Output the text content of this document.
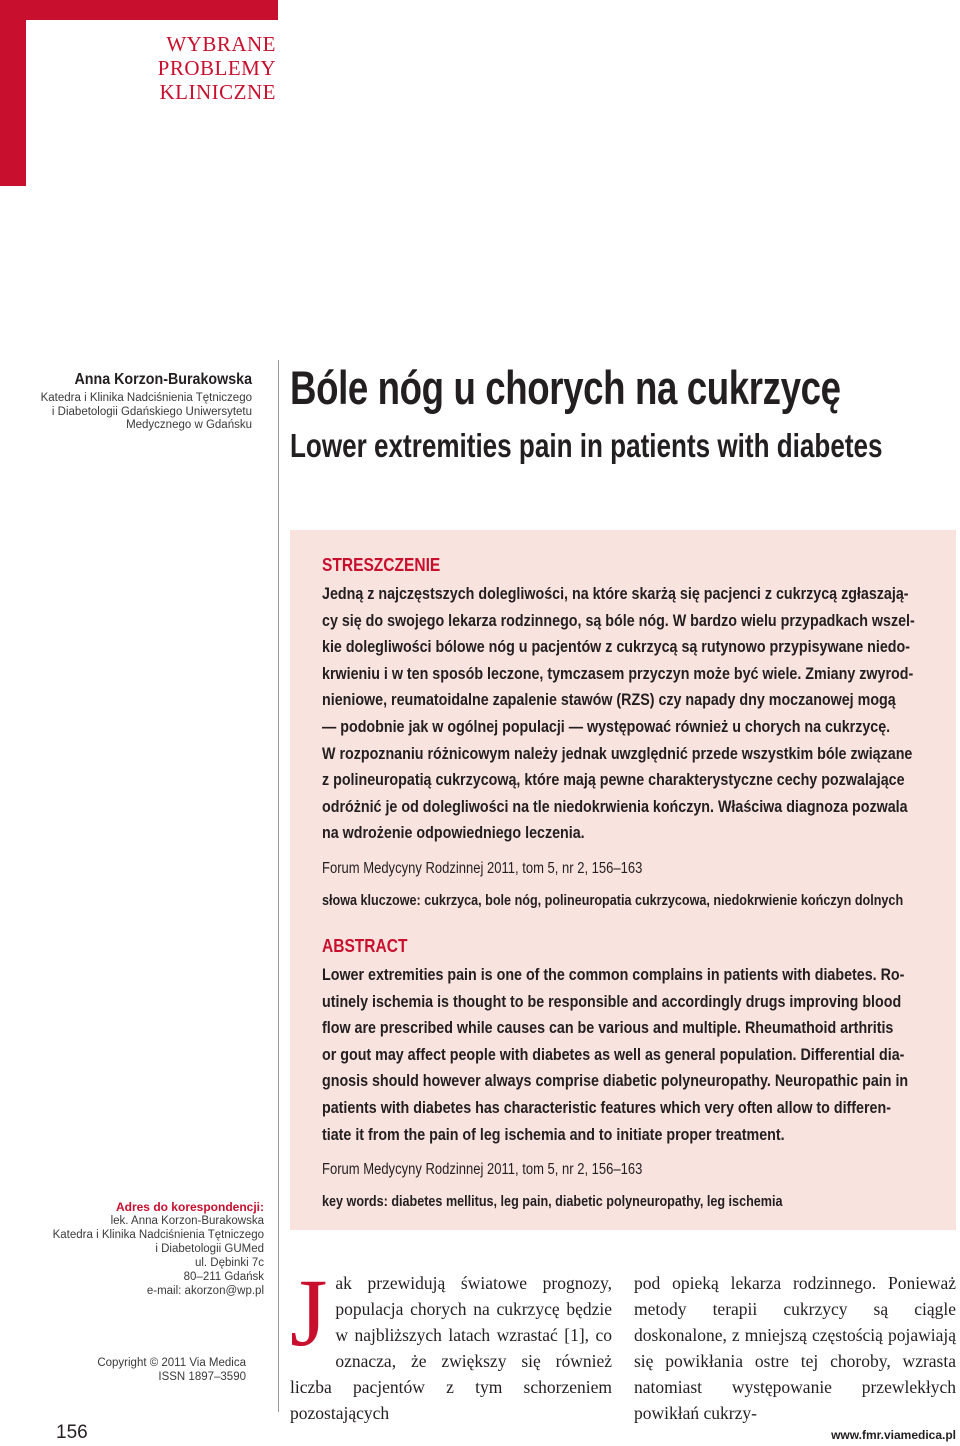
WYBRANE
PROBLEMY
KLINICZNE
Anna Korzon-Burakowska
Katedra i Klinika Nadciśnienia Tętniczego
i Diabetologii Gdańskiego Uniwersytetu
Medycznego w Gdańsku
Bóle nóg u chorych na cukrzycę
Lower extremities pain in patients with diabetes
STRESZCZENIE
Jedną z najczęstszych dolegliwości, na które skarżą się pacjenci z cukrzycą zgłaszają-
cy się do swojego lekarza rodzinnego, są bóle nóg. W bardzo wielu przypadkach wszel-
kie dolegliwości bólowe nóg u pacjentów z cukrzycą są rutynowo przypisywane niedo-
krwieniu i w ten sposób leczone, tymczasem przyczyn może być wiele. Zmiany zwyrod-
nieniowe, reumatoidalne zapalenie stawów (RZS) czy napady dny moczanowej mogą
— podobnie jak w ogólnej populacji — występować również u chorych na cukrzycę.
W rozpoznaniu różnicowym należy jednak uwzględnić przede wszystkim bóle związane
z polineuropatią cukrzycową, które mają pewne charakterystyczne cechy pozwalające
odróżnić je od dolegliwości na tle niedokrwienia kończyn. Właściwa diagnoza pozwala
na wdrożenie odpowiedniego leczenia.
Forum Medycyny Rodzinnej 2011, tom 5, nr 2, 156–163
słowa kluczowe: cukrzyca, bole nóg, polineuropatia cukrzycowa, niedokrwienie kończyn dolnych
ABSTRACT
Lower extremities pain is one of the common complains in patients with diabetes. Ro-
utinely ischemia is thought to be responsible and accordingly drugs improving blood
flow are prescribed while causes can be various and multiple. Rheumathoid arthritis
or gout may affect people with diabetes as well as general population. Differential dia-
gnosis should however always comprise diabetic polyneuropathy. Neuropathic pain in
patients with diabetes has characteristic features which very often allow to differen-
tiate it from the pain of leg ischemia and to initiate proper treatment.
Forum Medycyny Rodzinnej 2011, tom 5, nr 2, 156–163
key words: diabetes mellitus, leg pain, diabetic polyneuropathy, leg ischemia
Adres do korespondencji:
lek. Anna Korzon-Burakowska
Katedra i Klinika Nadciśnienia Tętniczego
i Diabetologii GUMed
ul. Dębinki 7c
80–211 Gdańsk
e-mail: akorzon@wp.pl
Copyright © 2011 Via Medica
ISSN 1897–3590
J ak przewidują światowe prognozy, populacja chorych na cukrzycę będzie w najbliższych latach wzrastać [1], co oznacza, że zwiększy się również liczba pacjentów z tym schorzeniem pozostających
pod opieką lekarza rodzinnego. Ponieważ metody terapii cukrzycy są ciągle doskonalone, z mniejszą częstością pojawiają się powikłania ostre tej choroby, wzrasta natomiast występowanie przewlekłych powikłań cukrzy-
156	www.fmr.viamedica.pl
